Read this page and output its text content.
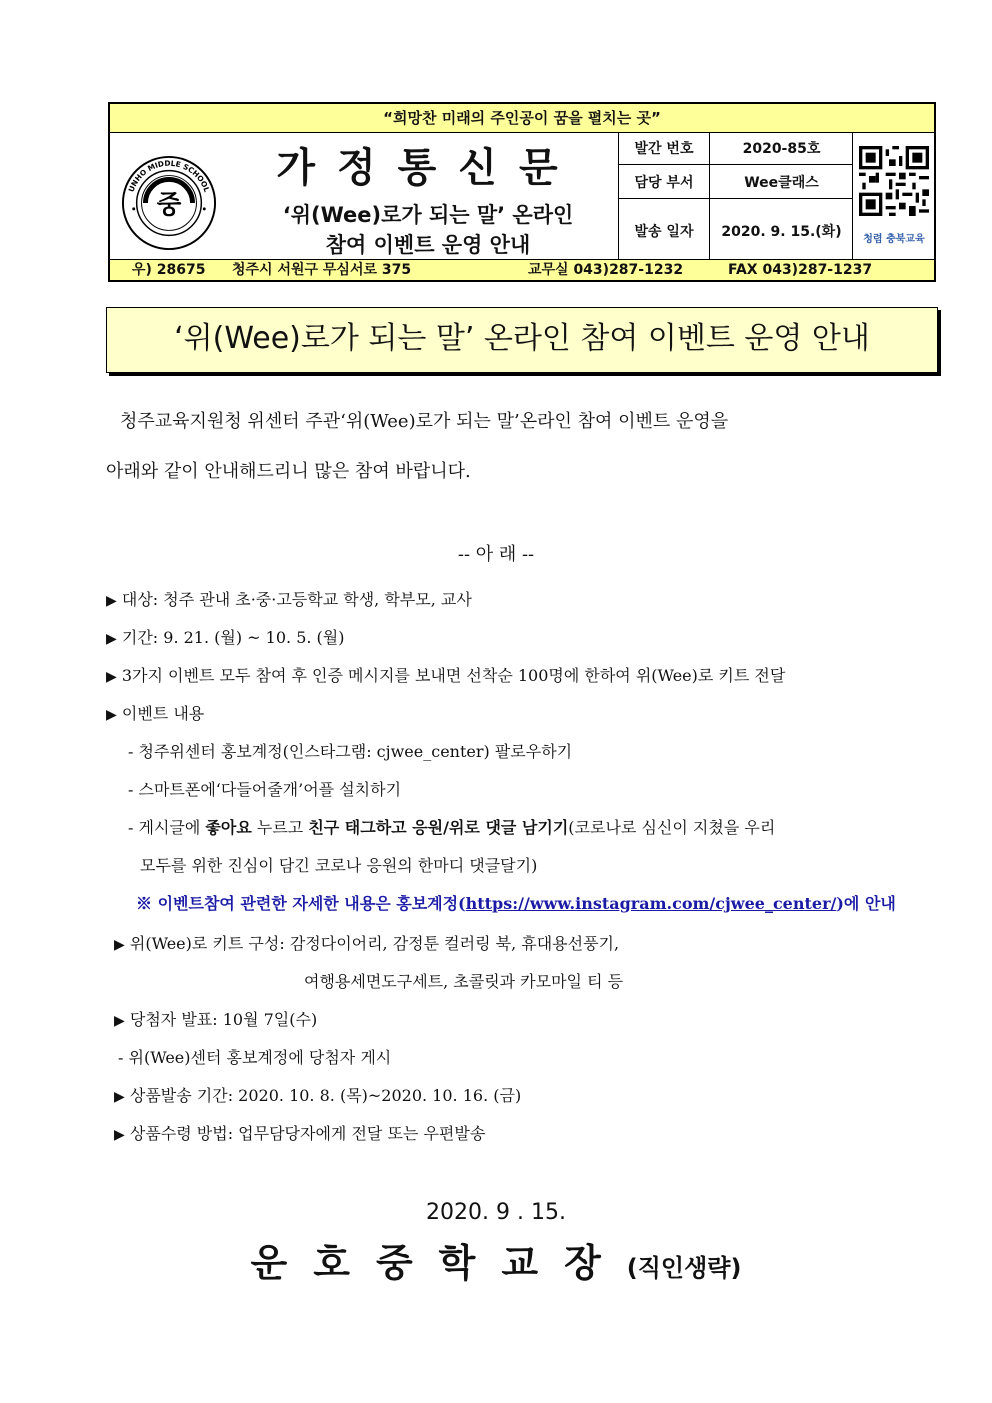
“희망찬 미래의 주인공이 꿈을 펼치는 곳”
중
UNHO MIDDLE SCHOOL	가정통신문
‘위(Wee)로가 되는 말’ 온라인
참여 이벤트 운영 안내
발간 번호	2020-85호
담당 부서	Wee클래스
발송 일자	2020. 9. 15.(화)	청렴 충북교육
우) 28675 청주시 서원구 무심서로 375	교무실 043)287-1232	FAX 043)287-1237
‘위(Wee)로가 되는 말’ 온라인 참여 이벤트 운영 안내
청주교육지원청 위센터 주관‘위(Wee)로가 되는 말’온라인 참여 이벤트 운영을
아래와 같이 안내해드리니 많은 참여 바랍니다.
-- 아 래 --
▶ 대상: 청주 관내 초·중·고등학교 학생, 학부모, 교사
▶ 기간: 9. 21. (월) ~ 10. 5. (월)
▶ 3가지 이벤트 모두 참여 후 인증 메시지를 보내면 선착순 100명에 한하여 위(Wee)로 키트 전달
▶ 이벤트 내용
- 청주위센터 홍보계정(인스타그램: cjwee_center) 팔로우하기
- 스마트폰에‘다들어줄개’어플 설치하기
- 게시글에 좋아요 누르고 친구 태그하고 응원/위로 댓글 남기기(코로나로 심신이 지쳤을 우리
모두를 위한 진심이 담긴 코로나 응원의 한마디 댓글달기)
※ 이벤트참여 관련한 자세한 내용은 홍보계정(https://www.instagram.com/cjwee_center/)에 안내
▶ 위(Wee)로 키트 구성: 감정다이어리, 감정툰 컬러링 북, 휴대용선풍기,
여행용세면도구세트, 초콜릿과 카모마일 티 등
▶ 당첨자 발표: 10월 7일(수)
- 위(Wee)센터 홍보계정에 당첨자 게시
▶ 상품발송 기간: 2020. 10. 8. (목)~2020. 10. 16. (금)
▶ 상품수령 방법: 업무담당자에게 전달 또는 우편발송
2020. 9 . 15.
운호중학교장(직인생략)
